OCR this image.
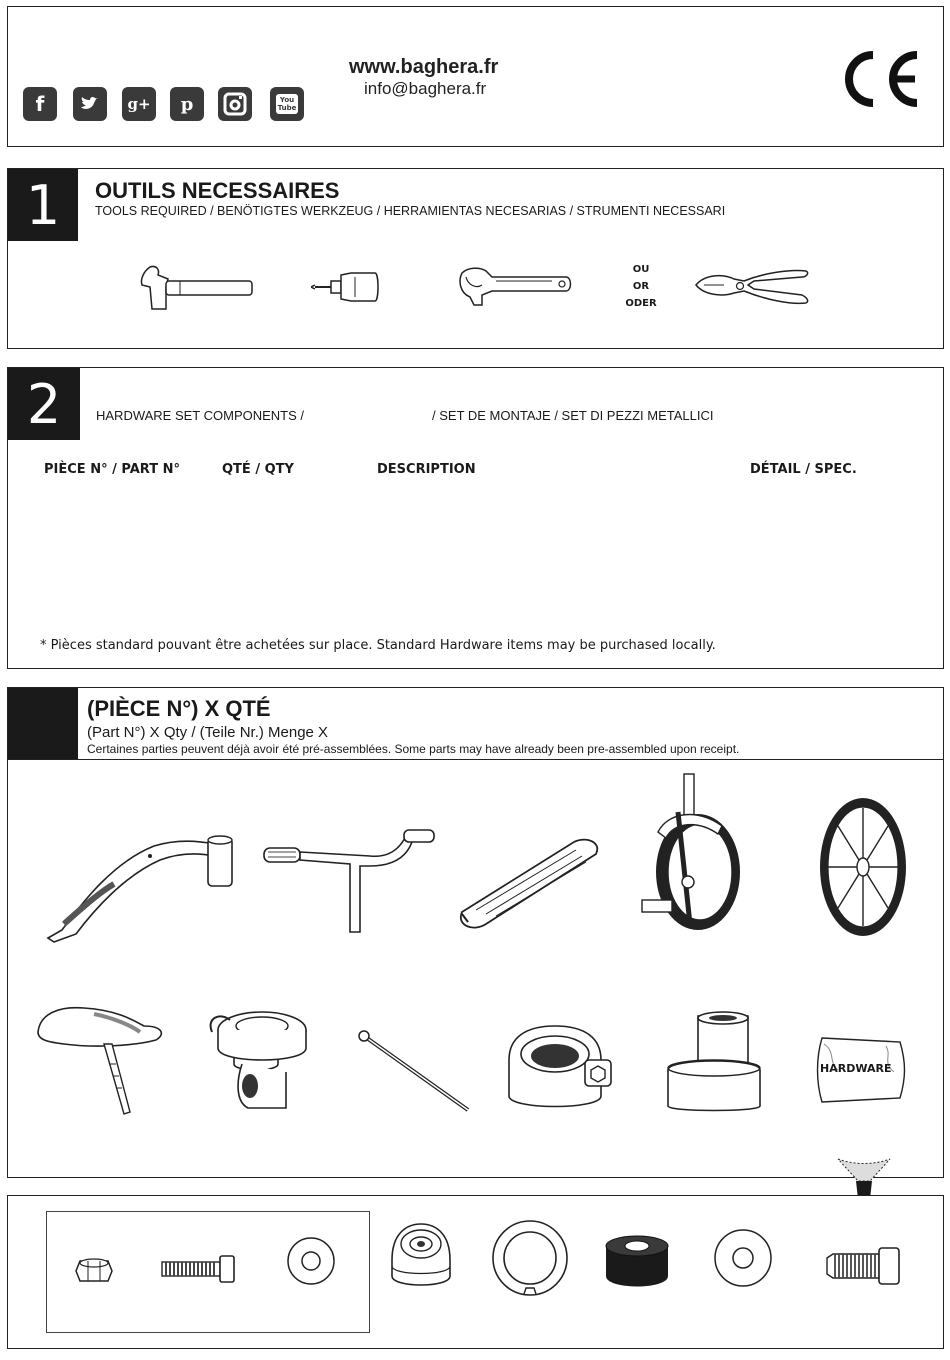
f	g+ p	You Tube
www.baghera.fr
info@baghera.fr
1	OUTILS NECESSAIRES
TOOLS REQUIRED / BENÖTIGTES WERKZEUG / HERRAMIENTAS NECESARIAS / STRUMENTI NECESSARI
OU
OR
ODER
2	HARDWARE SET COMPONENTS /	/ SET DE MONTAJE / SET DI PEZZI METALLICI
PIÈCE N° / PART N°	QTÉ / QTY	DESCRIPTION	DÉTAIL / SPEC.
* Pièces standard pouvant être achetées sur place. Standard Hardware items may be purchased locally.
(PIÈCE N°) X QTÉ
(Part N°) X Qty / (Teile Nr.) Menge X
Certaines parties peuvent déjà avoir été pré-assemblées. Some parts may have already been pre-assembled upon receipt.
HARDWARE
